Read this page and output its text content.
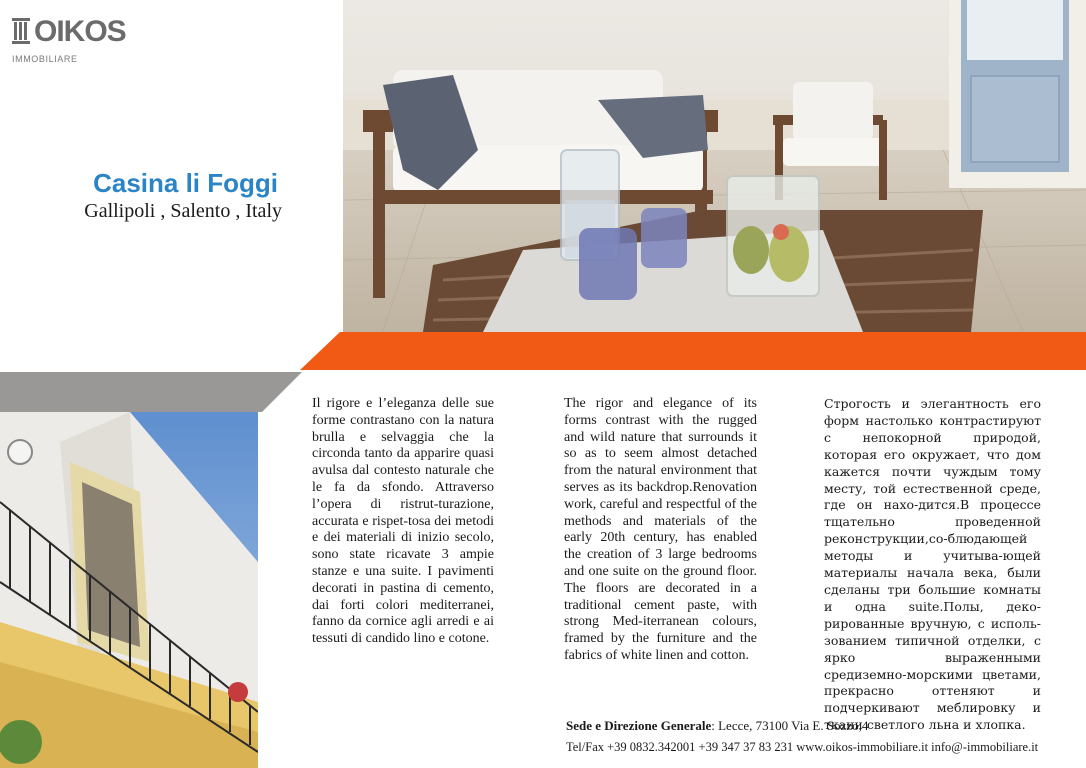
OIKOS
IMMOBILIARE
Casina li Foggi
Gallipoli , Salento , Italy
Il rigore e l’eleganza delle sue forme contrastano con la natura brulla e selvaggia che la circonda tanto da apparire quasi avulsa dal contesto naturale che le fa da sfondo. Attraverso l’opera di ristrut-turazione, accurata e rispet-tosa dei metodi e dei materiali di inizio secolo, sono state ricavate 3 ampie stanze e una suite. I pavimenti decorati in pastina di cemento, dai forti colori mediterranei, fanno da cornice agli arredi e ai tessuti di candido lino e cotone.
The rigor and elegance of its forms contrast with the rugged and wild nature that surrounds it so as to seem almost detached from the natural environment that serves as its backdrop.Renovation work, careful and respectful of the methods and materials of the early 20th century, has enabled the creation of 3 large bedrooms and one suite on the ground floor. The floors are decorated in a traditional cement paste, with strong Med-iterranean colours, framed by the furniture and the fabrics of white linen and cotton.
Строгость и элегантность его форм настолько контрастируют с непокорной природой, которая его окружает, что дом кажется почти чуждым тому месту, той естественной среде, где он нахо-дится.В процессе тщательно проведенной реконструкции,со-блюдающей методы и учитыва-ющей материалы начала века, были сделаны три большие комнаты и одна suite.Полы, деко-рированные вручную, с исполь-зованием типичной отделки, с ярко выраженными средиземно-морскими цветами, прекрасно оттеняют и подчеркивают меблировку и ткани светлого льна и хлопка.
Sede e Direzione Generale: Lecce, 73100 Via E. Sozzo,4
Tel/Fax +39 0832.342001 +39 347 37 83 231 www.oikos-immobiliare.it info@-immobiliare.it
